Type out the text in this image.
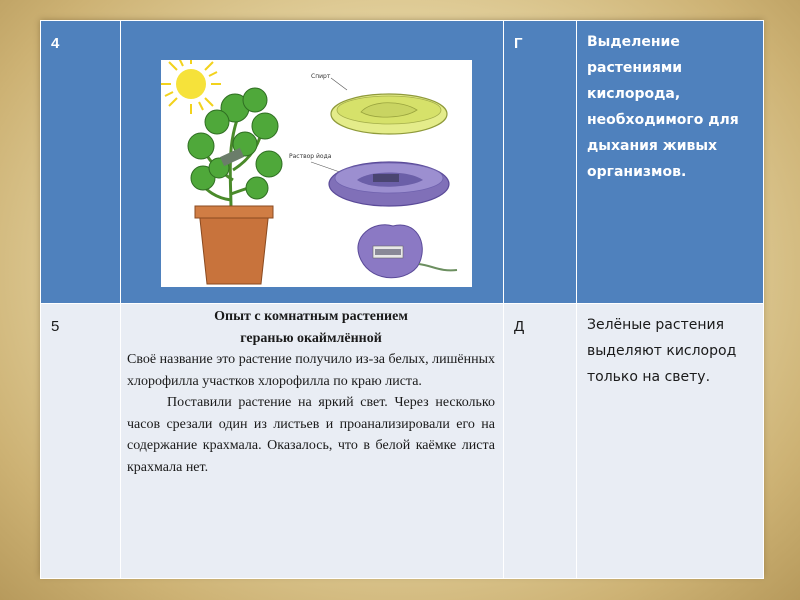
4		Г	Выделение растениями кислорода, необходимого для дыхания живых организмов.

5	Опыт с комнатным растением

геранью окаймлённой

Своё название это растение получило из-за белых, лишённых хлорофилла участков хлорофилла по краю листа.

Поставили растение на яркий свет. Через несколько часов срезали один из листьев и проанализировали его на содержание крахмала. Оказалось, что в белой каёмке листа крахмала нет.	Д	Зелёные растения выделяют кислород только на свету.
Спирт
Раствор йода
